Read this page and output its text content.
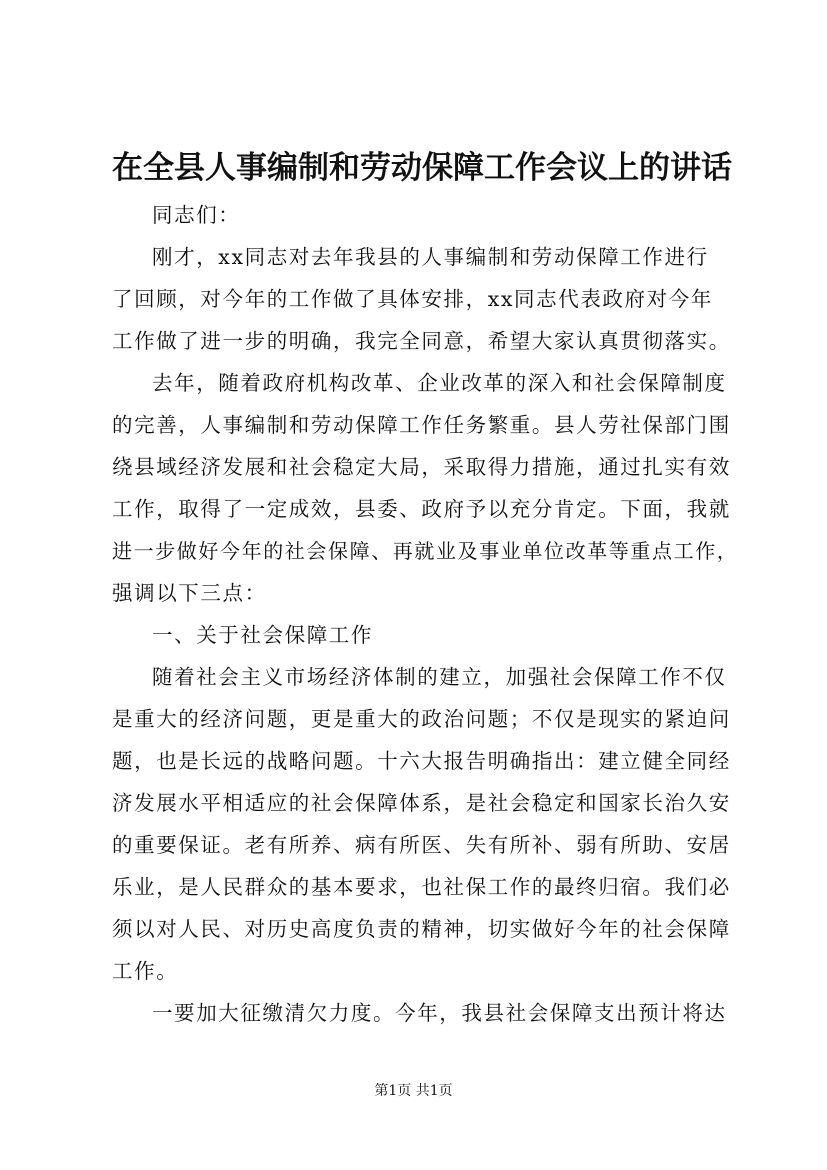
在全县人事编制和劳动保障工作会议上的讲话
同志们：
刚才，xx同志对去年我县的人事编制和劳动保障工作进行
了回顾，对今年的工作做了具体安排，xx同志代表政府对今年
工作做了进一步的明确，我完全同意，希望大家认真贯彻落实。
去年，随着政府机构改革、企业改革的深入和社会保障制度
的完善，人事编制和劳动保障工作任务繁重。县人劳社保部门围
绕县域经济发展和社会稳定大局，采取得力措施，通过扎实有效
工作，取得了一定成效，县委、政府予以充分肯定。下面，我就
进一步做好今年的社会保障、再就业及事业单位改革等重点工作，
强调以下三点：
一、关于社会保障工作
随着社会主义市场经济体制的建立，加强社会保障工作不仅
是重大的经济问题，更是重大的政治问题；不仅是现实的紧迫问
题，也是长远的战略问题。十六大报告明确指出：建立健全同经
济发展水平相适应的社会保障体系，是社会稳定和国家长治久安
的重要保证。老有所养、病有所医、失有所补、弱有所助、安居
乐业，是人民群众的基本要求，也社保工作的最终归宿。我们必
须以对人民、对历史高度负责的精神，切实做好今年的社会保障
工作。
一要加大征缴清欠力度。今年，我县社会保障支出预计将达
第1页 共1页
